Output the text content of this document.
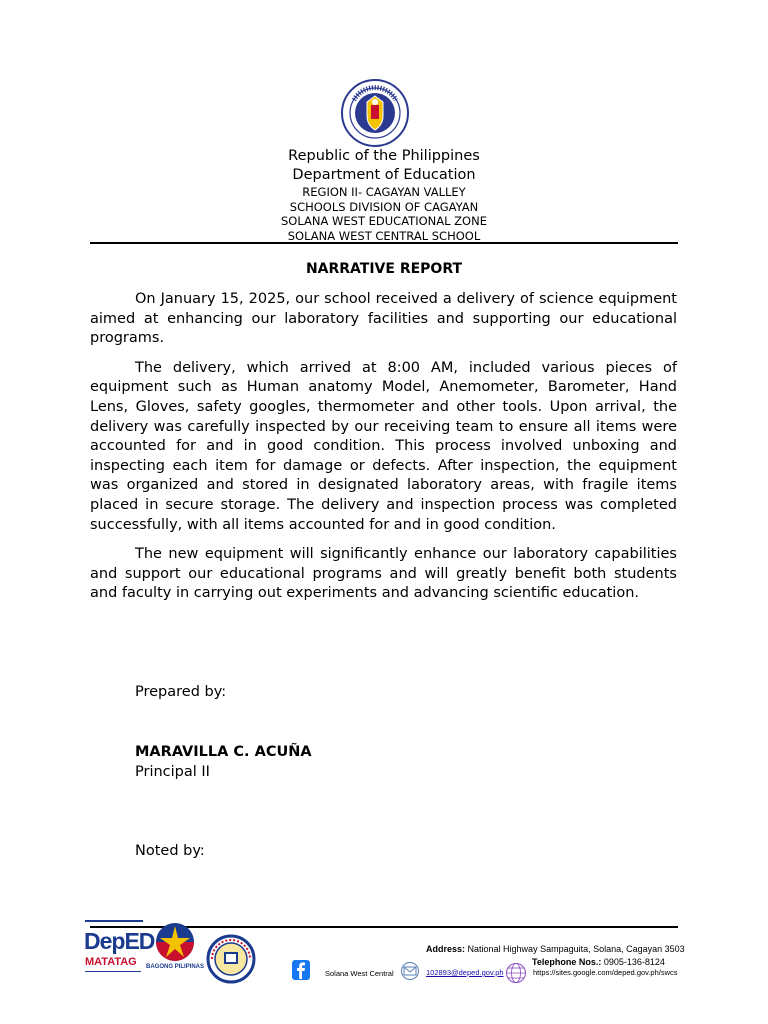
Republic of the Philippines
Department of Education
REGION II- CAGAYAN VALLEY
SCHOOLS DIVISION OF CAGAYAN
SOLANA WEST EDUCATIONAL ZONE
SOLANA WEST CENTRAL SCHOOL
NARRATIVE REPORT

On January 15, 2025, our school received a delivery of science equipment aimed at enhancing our laboratory facilities and supporting our educational programs.

The delivery, which arrived at 8:00 AM, included various pieces of equipment such as Human anatomy Model, Anemometer, Barometer, Hand Lens, Gloves, safety googles, thermometer and other tools. Upon arrival, the delivery was carefully inspected by our receiving team to ensure all items were accounted for and in good condition. This process involved unboxing and inspecting each item for damage or defects. After inspection, the equipment was organized and stored in designated laboratory areas, with fragile items placed in secure storage. The delivery and inspection process was completed successfully, with all items accounted for and in good condition.

The new equipment will significantly enhance our laboratory capabilities and support our educational programs and will greatly benefit both students and faculty in carrying out experiments and advancing scientific education.

Prepared by:
MARAVILLA C. ACUÑA
Principal II
Noted by:
DepED
MATATAG BAGONG PILIPINAS
Address: National Highway Sampaguita, Solana, Cagayan 3503
Telephone Nos.: 0905-136-8124
Solana West Central	102893@deped.gov.ph	https://sites.google.com/deped.gov.ph/swcs
